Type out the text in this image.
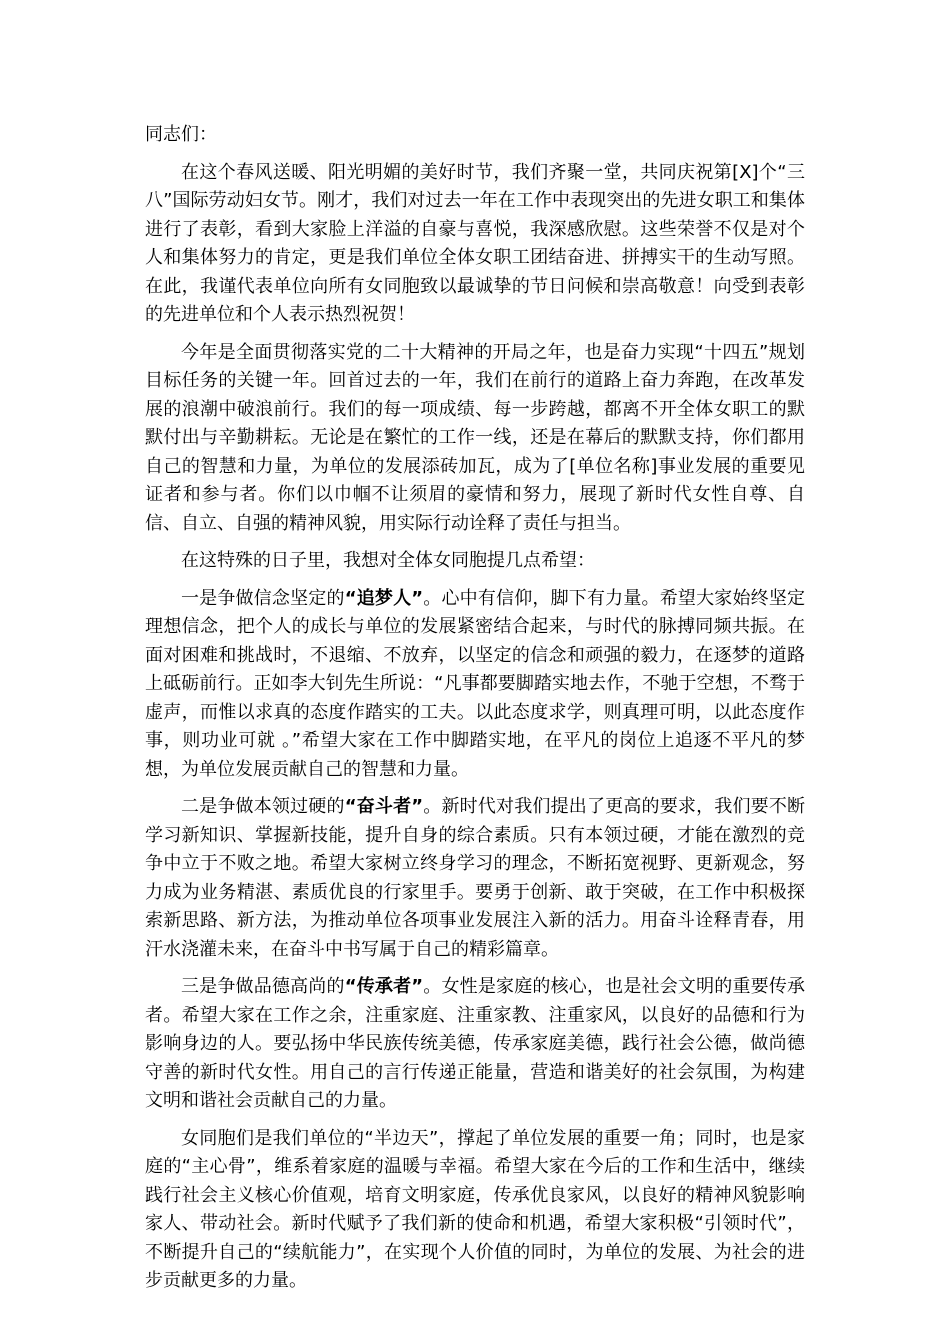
同志们：

在这个春风送暖、阳光明媚的美好时节，我们齐聚一堂，共同庆祝第[X]个“三八”国际劳动妇女节。刚才，我们对过去一年在工作中表现突出的先进女职工和集体进行了表彰，看到大家脸上洋溢的自豪与喜悦，我深感欣慰。这些荣誉不仅是对个人和集体努力的肯定，更是我们单位全体女职工团结奋进、拼搏实干的生动写照。在此，我谨代表单位向所有女同胞致以最诚挚的节日问候和崇高敬意！向受到表彰的先进单位和个人表示热烈祝贺！

今年是全面贯彻落实党的二十大精神的开局之年，也是奋力实现“十四五”规划目标任务的关键一年。回首过去的一年，我们在前行的道路上奋力奔跑，在改革发展的浪潮中破浪前行。我们的每一项成绩、每一步跨越，都离不开全体女职工的默默付出与辛勤耕耘。无论是在繁忙的工作一线，还是在幕后的默默支持，你们都用自己的智慧和力量，为单位的发展添砖加瓦，成为了[单位名称]事业发展的重要见证者和参与者。你们以巾帼不让须眉的豪情和努力，展现了新时代女性自尊、自信、自立、自强的精神风貌，用实际行动诠释了责任与担当。

在这特殊的日子里，我想对全体女同胞提几点希望：

一是争做信念坚定的“追梦人”。心中有信仰，脚下有力量。希望大家始终坚定理想信念，把个人的成长与单位的发展紧密结合起来，与时代的脉搏同频共振。在面对困难和挑战时，不退缩、不放弃，以坚定的信念和顽强的毅力，在逐梦的道路上砥砺前行。正如李大钊先生所说：“凡事都要脚踏实地去作，不驰于空想，不骛于虚声，而惟以求真的态度作踏实的工夫。以此态度求学，则真理可明，以此态度作事，则功业可就 。”希望大家在工作中脚踏实地，在平凡的岗位上追逐不平凡的梦想，为单位发展贡献自己的智慧和力量。

二是争做本领过硬的“奋斗者”。新时代对我们提出了更高的要求，我们要不断学习新知识、掌握新技能，提升自身的综合素质。只有本领过硬，才能在激烈的竞争中立于不败之地。希望大家树立终身学习的理念，不断拓宽视野、更新观念，努力成为业务精湛、素质优良的行家里手。要勇于创新、敢于突破，在工作中积极探索新思路、新方法，为推动单位各项事业发展注入新的活力。用奋斗诠释青春，用汗水浇灌未来，在奋斗中书写属于自己的精彩篇章。

三是争做品德高尚的“传承者”。女性是家庭的核心，也是社会文明的重要传承者。希望大家在工作之余，注重家庭、注重家教、注重家风，以良好的品德和行为影响身边的人。要弘扬中华民族传统美德，传承家庭美德，践行社会公德，做尚德守善的新时代女性。用自己的言行传递正能量，营造和谐美好的社会氛围，为构建文明和谐社会贡献自己的力量。

女同胞们是我们单位的“半边天”，撑起了单位发展的重要一角；同时，也是家庭的“主心骨”，维系着家庭的温暖与幸福。希望大家在今后的工作和生活中，继续践行社会主义核心价值观，培育文明家庭，传承优良家风，以良好的精神风貌影响家人、带动社会。新时代赋予了我们新的使命和机遇，希望大家积极“引领时代”，不断提升自己的“续航能力”，在实现个人价值的同时，为单位的发展、为社会的进步贡献更多的力量。
